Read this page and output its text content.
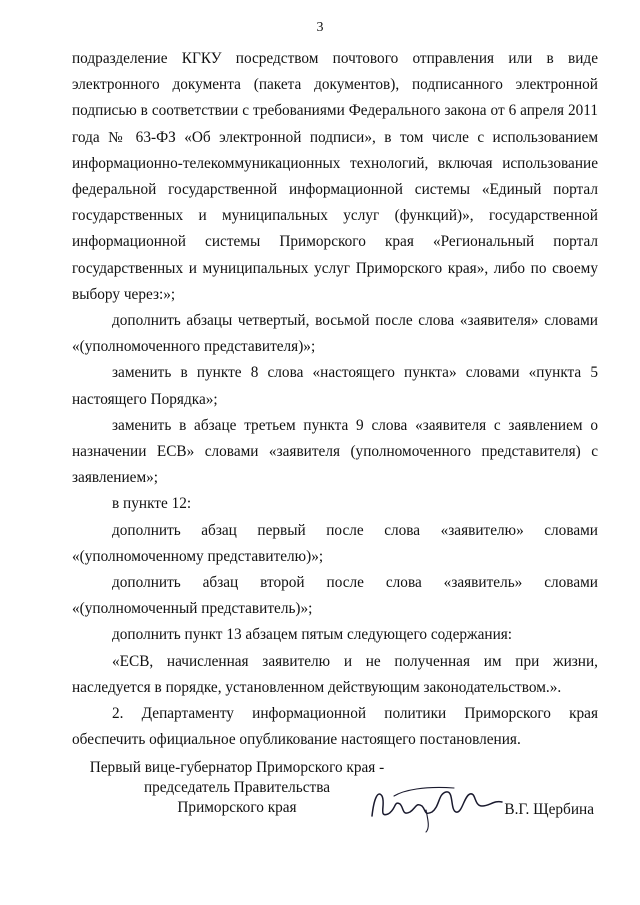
3

подразделение КГКУ посредством почтового отправления или в виде электронного документа (пакета документов), подписанного электронной подписью в соответствии с требованиями Федерального закона от 6 апреля 2011 года № 63-ФЗ «Об электронной подписи», в том числе с использованием информационно-телекоммуникационных технологий, включая использование федеральной государственной информационной системы «Единый портал государственных и муниципальных услуг (функций)», государственной информационной системы Приморского края «Региональный портал государственных и муниципальных услуг Приморского края», либо по своему выбору через:»;

дополнить абзацы четвертый, восьмой после слова «заявителя» словами «(уполномоченного представителя)»;

заменить в пункте 8 слова «настоящего пункта» словами «пункта 5 настоящего Порядка»;

заменить в абзаце третьем пункта 9 слова «заявителя с заявлением о назначении ЕСВ» словами «заявителя (уполномоченного представителя) с заявлением»;

в пункте 12:

дополнить абзац первый после слова «заявителю» словами «(уполномоченному представителю)»;

дополнить абзац второй после слова «заявитель» словами «(уполномоченный представитель)»;

дополнить пункт 13 абзацем пятым следующего содержания:

«ЕСВ, начисленная заявителю и не полученная им при жизни, наследуется в порядке, установленном действующим законодательством.».

2. Департаменту информационной политики Приморского края обеспечить официальное опубликование настоящего постановления.

Первый вице-губернатор Приморского края -
председатель Правительства
Приморского края	В.Г. Щербина
